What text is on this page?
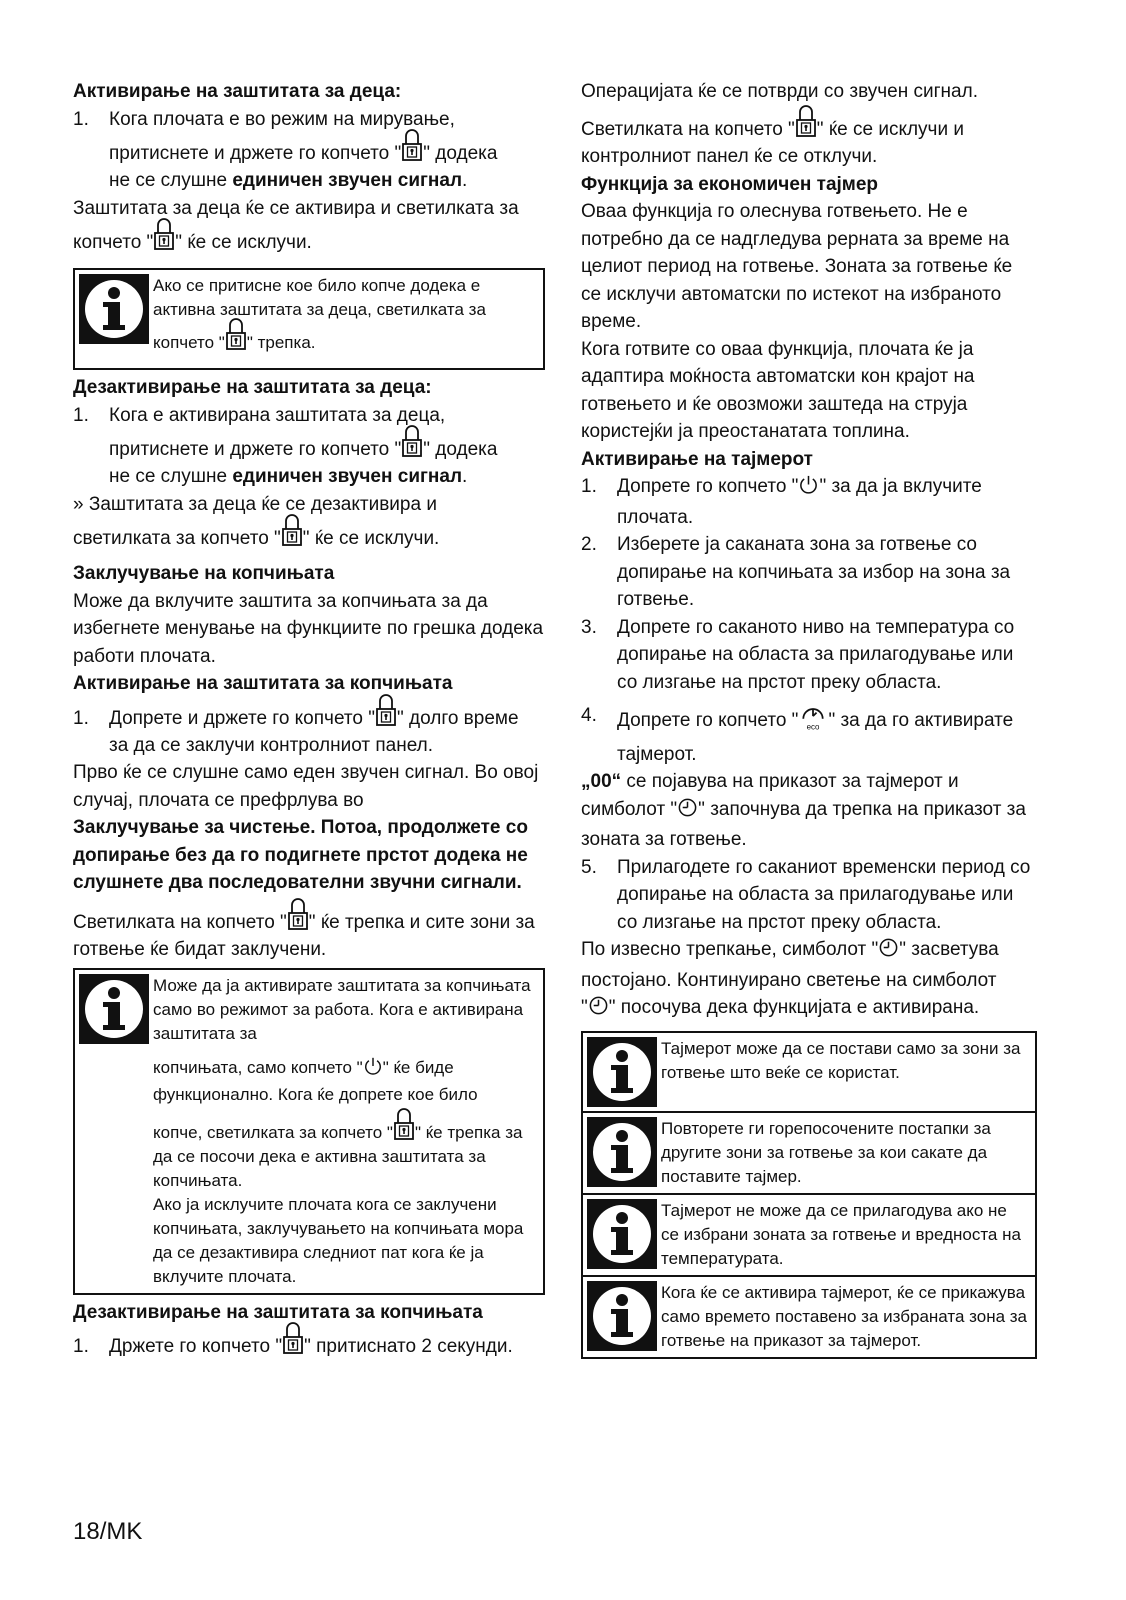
Активирање на заштитата за деца:
1.	Кога плочата е во режим на мирување,

притиснете и држете го копчето " " додека

не се слушне единичен звучен сигнал.

Заштитата за деца ќе се активира и светилката за

копчето " " ќе се исклучи.

Ако се притисне кое било копче додека е активна заштитата за деца, светилката за

копчето " " трепка.

Дезактивирање на заштитата за деца:
1.	Кога е активирана заштитата за деца,

притиснете и држете го копчето " " додека

не се слушне единичен звучен сигнал.

» Заштитата за деца ќе се дезактивира и

светилката за копчето " " ќе се исклучи.

Заклучување на копчињата

Може да вклучите заштита за копчињата за да избегнете менување на функциите по грешка додека работи плочата.

Активирање на заштитата за копчињата
1.	Допрете и држете го копчето " " долго време

за да се заклучи контролниот панел.

Прво ќе се слушне само еден звучен сигнал. Во овој случај, плочата се префрлува во

Заклучување за чистење. Потоа, продолжете со допирање без да го подигнете прстот додека не слушнете два последователни звучни сигнали.

Светилката на копчето " " ќе трепка и сите зони за готвење ќе бидат заклучени.

Може да ја активирате заштитата за копчињата само во режимот за работа. Кога е активирана заштитата за

копчињата, само копчето " " ќе биде функционално. Кога ќе допрете кое било

копче, светилката за копчето " " ќе трепка за да се посочи дека е активна заштитата за копчињата.

Ако ја исклучите плочата кога се заклучени копчињата, заклучувањето на копчињата мора да се дезактивира следниот пат кога ќе ја вклучите плочата.

Дезактивирање на заштитата за копчињата
1.	Држете го копчето " " притиснато 2 секунди.

Операцијата ќе се потврди со звучен сигнал.

Светилката на копчето " " ќе се исклучи и контролниот панел ќе се отклучи.

Функција за економичен тајмер

Оваа функција го олеснува готвењето. Не е потребно да се надгледува рерната за време на целиот период на готвење. Зоната за готвење ќе се исклучи автоматски по истекот на избраното време.

Кога готвите со оваа функција, плочата ќе ја адаптира моќноста автоматски кон крајот на готвењето и ќе овозможи заштеда на струја користејќи ја преостанатата топлина.

Активирање на тајмерот
1.	Допрете го копчето " " за да ја вклучите плочата.

2.	Изберете ја саканата зона за готвење со допирање на копчињата за избор на зона за готвење.

3.	Допрете го саканото ниво на температура со допирање на областа за прилагодување или со лизгање на прстот преку областа.

4.	Допрете го копчето " " за да го активирате тајмерот.

„00“ се појавува на приказот за тајмерот и симболот " " започнува да трепка на приказот за зоната за готвење.

5.	Прилагодете го саканиот временски период со допирање на областа за прилагодување или со лизгање на прстот преку областа.

По извесно трепкање, симболот " " засветува постојано. Континуирано светење на симболот

" " посочува дека функцијата е активирана.

Тајмерот може да се постави само за зони за готвење што веќе се користат.

Повторете ги горепосочените постапки за другите зони за готвење за кои сакате да поставите тајмер.

Тајмерот не може да се прилагодува ако не се избрани зоната за готвење и вредноста на температурата.

Кога ќе се активира тајмерот, ќе се прикажува само времето поставено за избраната зона за готвење на приказот за тајмерот.

18/MK
